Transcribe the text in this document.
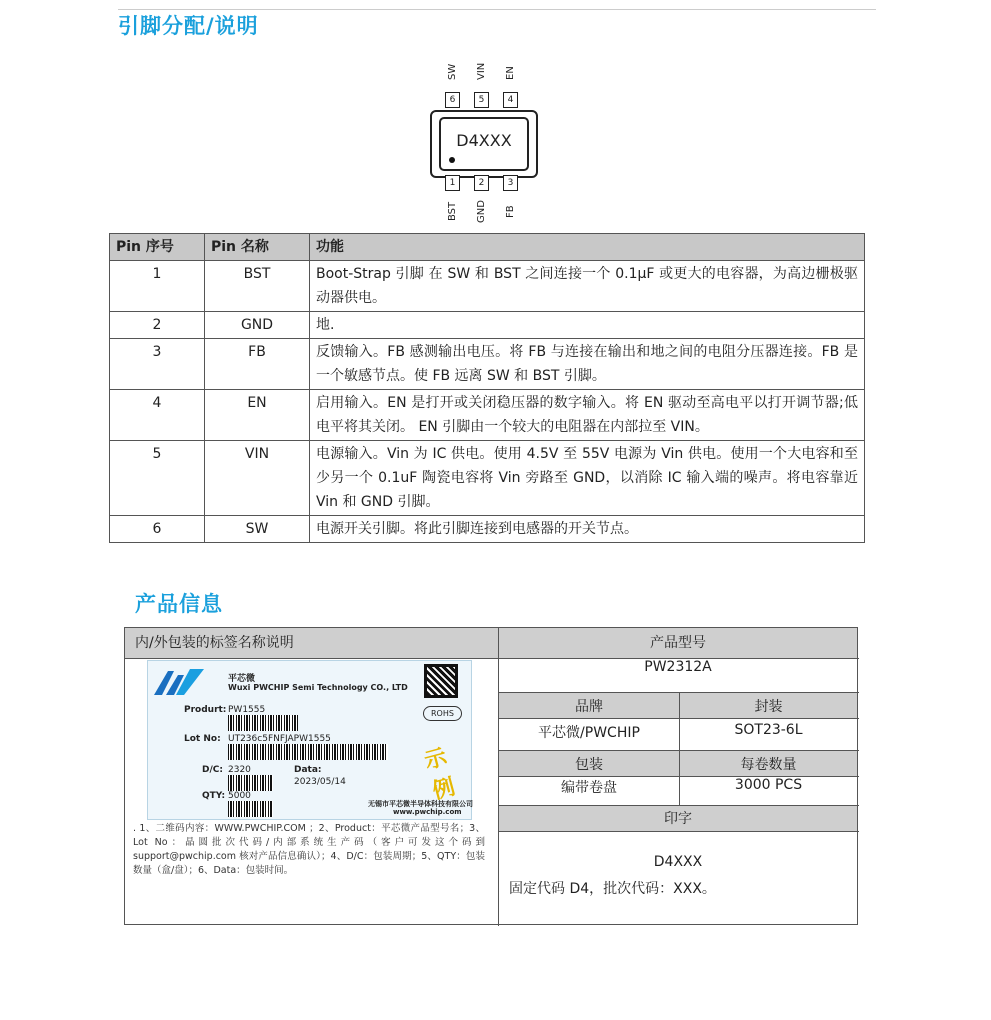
引脚分配/说明
SW VIN EN
6	5	4
D4XXX
1	2	3
BST GND FB
Pin 序号	Pin 名称	功能
1	BST	Boot-Strap 引脚 在 SW 和 BST 之间连接一个 0.1μF 或更大的电容器，为高边栅极驱动器供电。
2	GND	地.
3	FB	反馈输入。FB 感测输出电压。将 FB 与连接在输出和地之间的电阻分压器连接。FB 是一个敏感节点。使 FB 远离 SW 和 BST 引脚。
4	EN	启用输入。EN 是打开或关闭稳压器的数字输入。将 EN 驱动至高电平以打开调节器;低电平将其关闭。 EN 引脚由一个较大的电阻器在内部拉至 VIN。
5	VIN	电源输入。Vin 为 IC 供电。使用 4.5V 至 55V 电源为 Vin 供电。使用一个大电容和至少另一个 0.1uF 陶瓷电容将 Vin 旁路至 GND，以消除 IC 输入端的噪声。将电容靠近 Vin 和 GND 引脚。
6	SW	电源开关引脚。将此引脚连接到电感器的开关节点。
产品信息
内/外包装的标签名称说明
平芯微
Wuxi PWCHIP Semi Technology CO., LTD
Produrt: PW1555	ROHS
Lot No: UT236c5FNFJAPW1555
示例
D/C: 2320	Data:
2023/05/14
QTY: 5000
无锡市平芯微半导体科技有限公司
www.pwchip.com
. 1、二维码内容：WWW.PWCHIP.COM ；2、Product：平芯微产品型号名；3、Lot No：晶圆批次代码/内部系统生产码（客户可发这个码到support@pwchip.com 核对产品信息确认）；4、D/C：包装周期；5、QTY：包装数量（盒/盘）；6、Data：包装时间。
产品型号
PW2312A
品牌	封装
平芯微/PWCHIP	SOT23-6L
包装	每卷数量
编带卷盘	3000 PCS
印字
D4XXX
固定代码 D4，批次代码：XXX。
